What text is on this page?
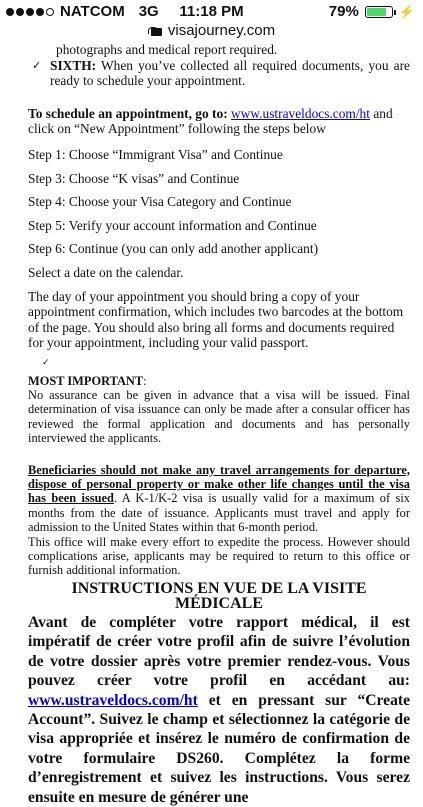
NATCOM 3G	11:18 PM	79%	⚡
visajourney.com

photographs and medical report required.

✓ SIXTH: When you’ve collected all required documents, you are ready to schedule your appointment.

To schedule an appointment, go to: www.ustraveldocs.com/ht and click on “New Appointment” following the steps below

Step 1: Choose “Immigrant Visa” and Continue

Step 3: Choose “K visas” and Continue

Step 4: Choose your Visa Category and Continue

Step 5: Verify your account information and Continue

Step 6: Continue (you can only add another applicant)

Select a date on the calendar.

The day of your appointment you should bring a copy of your appointment confirmation, which includes two barcodes at the bottom of the page. You should also bring all forms and documents required for your appointment, including your valid passport.

✓

MOST IMPORTANT:

No assurance can be given in advance that a visa will be issued. Final determination of visa issuance can only be made after a consular officer has reviewed the formal application and documents and has personally interviewed the applicants.

Beneficiaries should not make any travel arrangements for departure, dispose of personal property or make other life changes until the visa has been issued. A K-1/K-2 visa is usually valid for a maximum of six months from the date of issuance. Applicants must travel and apply for admission to the United States within that 6-month period.

This office will make every effort to expedite the process. However should complications arise, applicants may be required to return to this office or furnish additional information.

INSTRUCTIONS EN VUE DE LA VISITE MÉDICALE

Avant de compléter votre rapport médical, il est impératif de créer votre profil afin de suivre l’évolution de votre dossier après votre premier rendez-vous. Vous pouvez créer votre profil en accédant au: www.ustraveldocs.com/ht et en pressant sur “Create Account”. Suivez le champ et sélectionnez la catégorie de visa appropriée et insérez le numéro de confirmation de votre formulaire DS260. Complétez la forme d’enregistrement et suivez les instructions. Vous serez ensuite en mesure de générer une
